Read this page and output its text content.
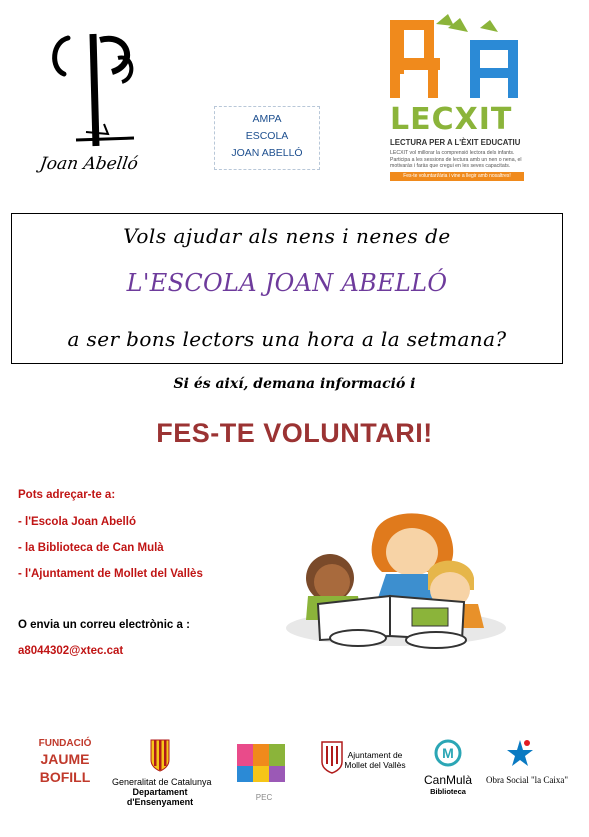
Joan Abelló
AMPA
ESCOLA
JOAN ABELLÓ
LECXIT
LECTURA PER A L'ÈXIT EDUCATIU
LECXIT vol millorar la comprensió lectora dels infants. Participa a les sessions de lectura amb un nen o nena, el motivaràs i faràs que cregui en les seves capacitats.
Fes-te voluntari/ària i vine a llegir amb nosaltres!
Vols ajudar als nens i nenes de
L'ESCOLA JOAN ABELLÓ
a ser bons lectors una hora a la setmana?
Si és així, demana informació i
FES-TE VOLUNTARI!
Pots adreçar-te a:
- l'Escola Joan Abelló
- la Biblioteca de Can Mulà
- l'Ajuntament de Mollet del Vallès
O envia un correu electrònic a :
a8044302@xtec.cat
FUNDACIÓ
JAUME
BOFILL	Generalitat de Catalunya
Departament
d'Ensenyament	PEC
Ajuntament de
Mollet del Vallès
M
CanMulà
Biblioteca
Obra Social "la Caixa"
